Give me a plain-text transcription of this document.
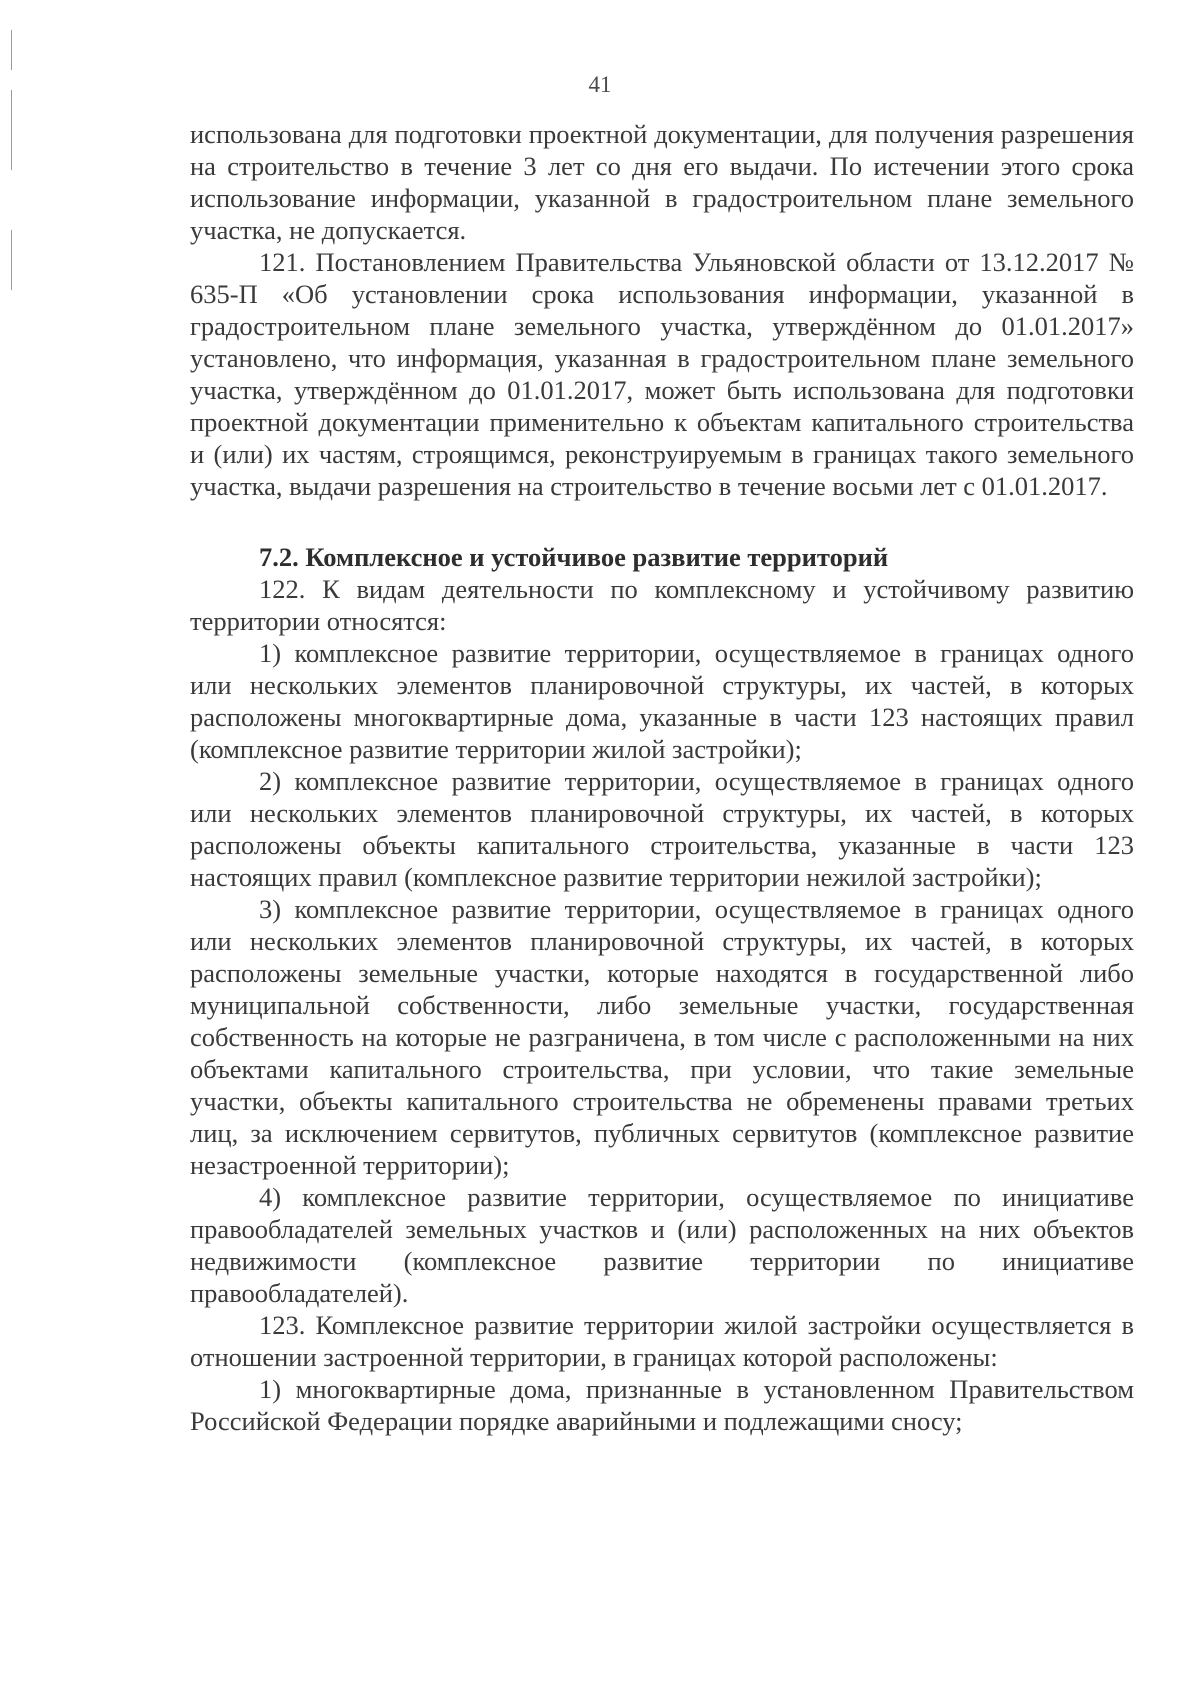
41

использована для подготовки проектной документации, для получения разрешения на строительство в течение 3 лет со дня его выдачи. По истечении этого срока использование информации, указанной в градостроительном плане земельного участка, не допускается.

121. Постановлением Правительства Ульяновской области от 13.12.2017 № 635-П «Об установлении срока использования информации, указанной в градостроительном плане земельного участка, утверждённом до 01.01.2017» установлено, что информация, указанная в градостроительном плане земельного участка, утверждённом до 01.01.2017, может быть использована для подготовки проектной документации применительно к объектам капитального строительства и (или) их частям, строящимся, реконструируемым в границах такого земельного участка, выдачи разрешения на строительство в течение восьми лет с 01.01.2017.

7.2. Комплексное и устойчивое развитие территорий

122. К видам деятельности по комплексному и устойчивому развитию территории относятся:

1) комплексное развитие территории, осуществляемое в границах одного или нескольких элементов планировочной структуры, их частей, в которых расположены многоквартирные дома, указанные в части 123 настоящих правил (комплексное развитие территории жилой застройки);

2) комплексное развитие территории, осуществляемое в границах одного или нескольких элементов планировочной структуры, их частей, в которых расположены объекты капитального строительства, указанные в части 123 настоящих правил (комплексное развитие территории нежилой застройки);

3) комплексное развитие территории, осуществляемое в границах одного или нескольких элементов планировочной структуры, их частей, в которых расположены земельные участки, которые находятся в государственной либо муниципальной собственности, либо земельные участки, государственная собственность на которые не разграничена, в том числе с расположенными на них объектами капитального строительства, при условии, что такие земельные участки, объекты капитального строительства не обременены правами третьих лиц, за исключением сервитутов, публичных сервитутов (комплексное развитие незастроенной территории);

4) комплексное развитие территории, осуществляемое по инициативе правообладателей земельных участков и (или) расположенных на них объектов недвижимости (комплексное развитие территории по инициативе правообладателей).

123. Комплексное развитие территории жилой застройки осуществляется в отношении застроенной территории, в границах которой расположены:

1) многоквартирные дома, признанные в установленном Правительством Российской Федерации порядке аварийными и подлежащими сносу;
